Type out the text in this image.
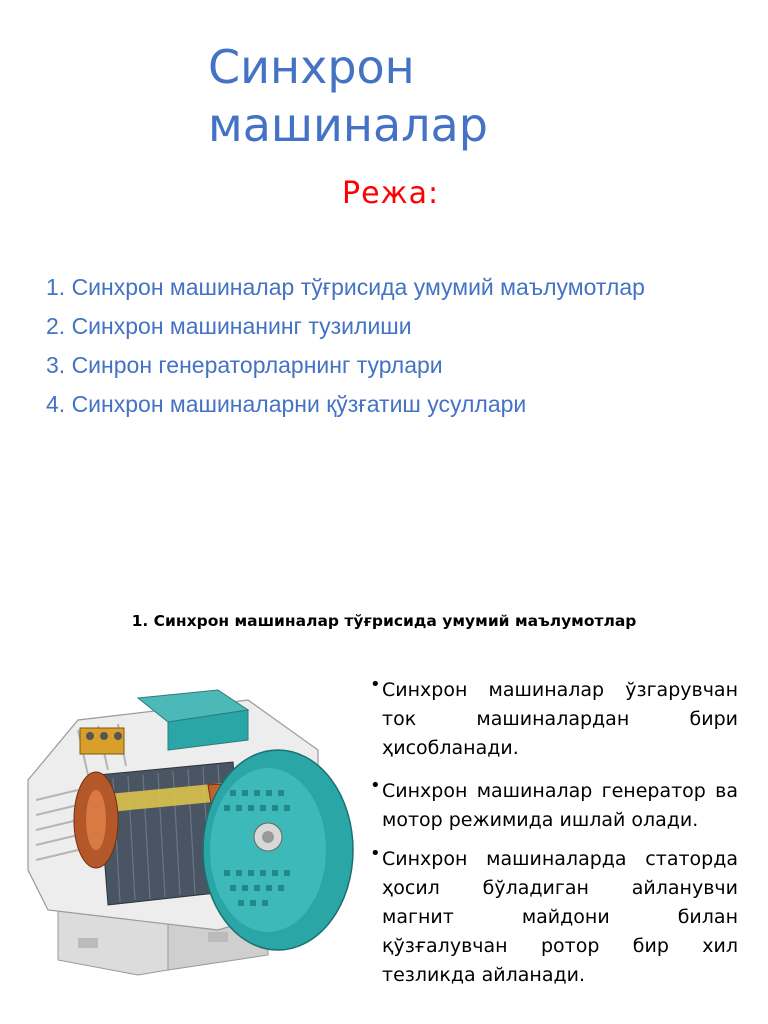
Синхрон
машиналар
Режа:
1. Синхрон машиналар тўғрисида умумий маълумотлар
2. Синхрон машинанинг тузилиши
3. Синрон генераторларнинг турлари
4. Синхрон машиналарни қўзғатиш усуллари
1. Синхрон машиналар тўғрисида умумий маълумотлар
• Синхрон машиналар ўзгарувчан ток машиналардан бири ҳисобланади.
• Синхрон машиналар генератор ва мотор режимида ишлай олади.
• Синхрон машиналарда статорда ҳосил бўладиган айланувчи магнит майдони билан қўзғалувчан ротор бир хил тезликда айланади.
